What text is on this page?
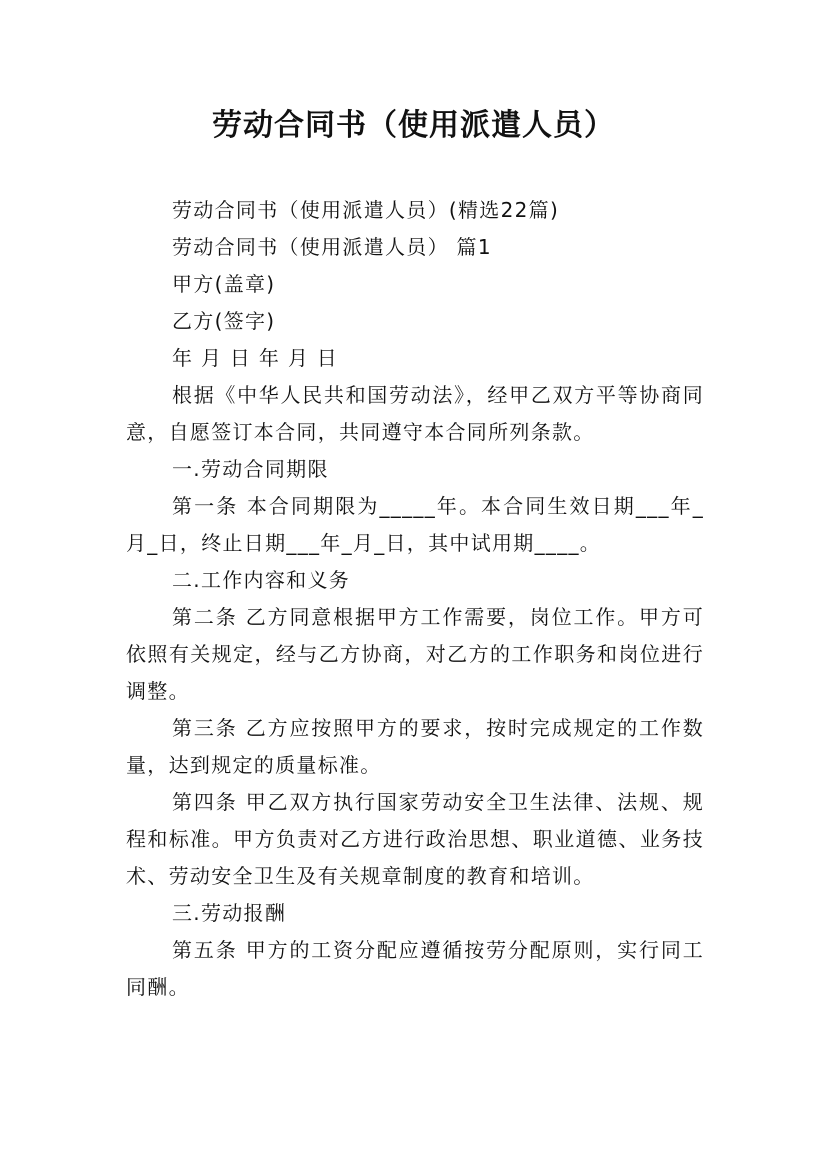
劳动合同书（使用派遣人员）

劳动合同书（使用派遣人员）(精选22篇)

劳动合同书（使用派遣人员） 篇1

甲方(盖章)

乙方(签字)

年 月 日 年 月 日

根据《中华人民共和国劳动法》，经甲乙双方平等协商同意，自愿签订本合同，共同遵守本合同所列条款。

一.劳动合同期限

第一条 本合同期限为_____年。本合同生效日期___年_月_日，终止日期___年_月_日，其中试用期____。

二.工作内容和义务

第二条 乙方同意根据甲方工作需要，岗位工作。甲方可依照有关规定，经与乙方协商，对乙方的工作职务和岗位进行调整。

第三条 乙方应按照甲方的要求，按时完成规定的工作数量，达到规定的质量标准。

第四条 甲乙双方执行国家劳动安全卫生法律、法规、规程和标准。甲方负责对乙方进行政治思想、职业道德、业务技术、劳动安全卫生及有关规章制度的教育和培训。

三.劳动报酬

第五条 甲方的工资分配应遵循按劳分配原则，实行同工同酬。
